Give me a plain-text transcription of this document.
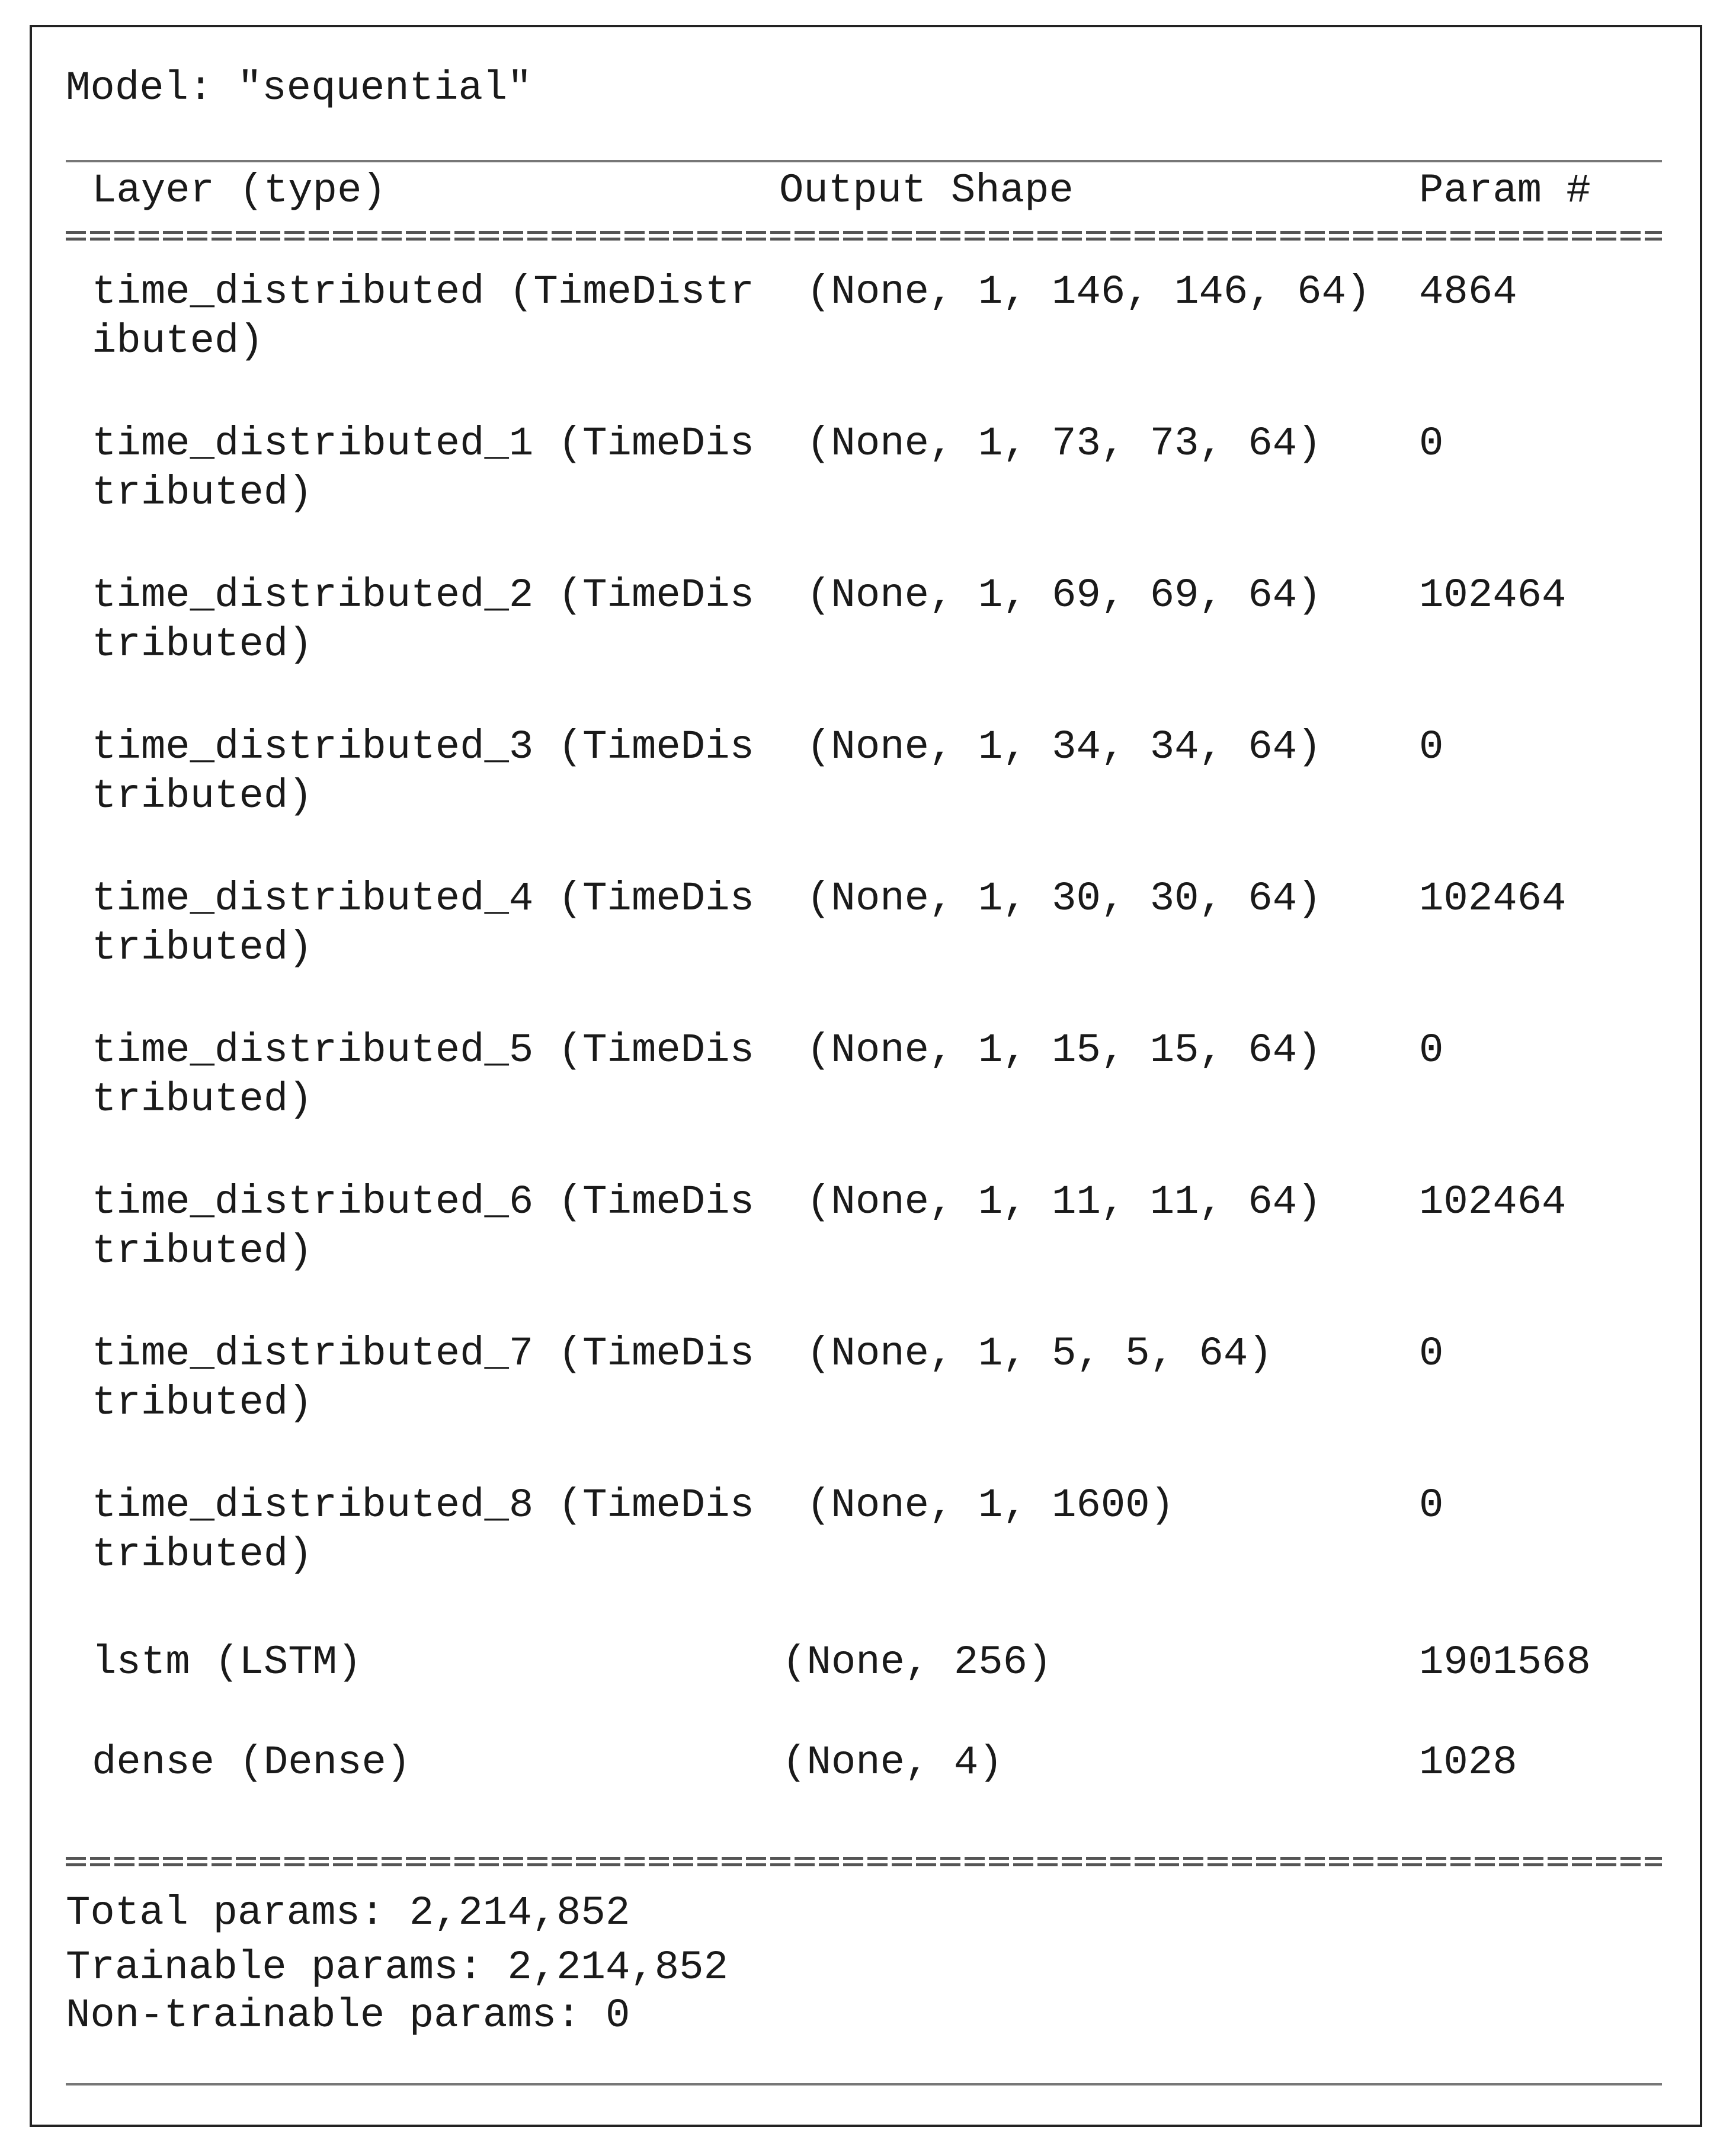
Model: "sequential"
Layer (type)	Output Shape	Param #
time_distributed (TimeDistr
ibuted)
(None, 1, 146, 146, 64) 4864
time_distributed_1 (TimeDis
tributed)
(None, 1, 73, 73, 64) 0
time_distributed_2 (TimeDis
tributed)
(None, 1, 69, 69, 64) 102464
time_distributed_3 (TimeDis
tributed)
(None, 1, 34, 34, 64) 0
time_distributed_4 (TimeDis
tributed)
(None, 1, 30, 30, 64) 102464
time_distributed_5 (TimeDis
tributed)
(None, 1, 15, 15, 64) 0
time_distributed_6 (TimeDis
tributed)
(None, 1, 11, 11, 64) 102464
time_distributed_7 (TimeDis
tributed)
(None, 1, 5, 5, 64)	0
time_distributed_8 (TimeDis
tributed)
(None, 1, 1600)	0
lstm (LSTM)	(None, 256)	1901568
dense (Dense)	(None, 4)	1028
Total params: 2,214,852
Trainable params: 2,214,852
Non-trainable params: 0
